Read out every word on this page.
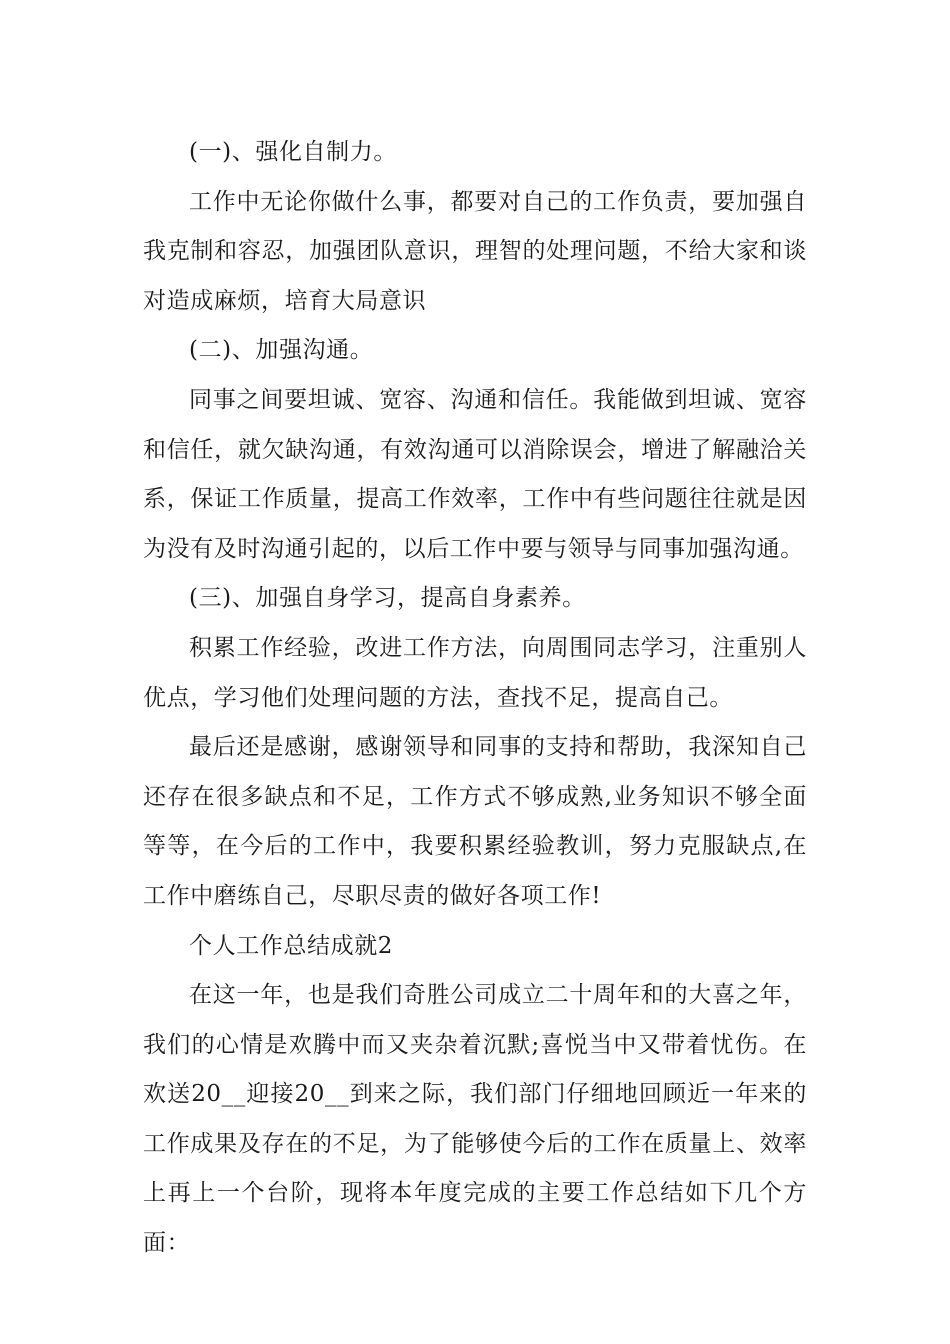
(一)、强化自制力。

工作中无论你做什么事，都要对自己的工作负责，要加强自我克制和容忍，加强团队意识，理智的处理问题，不给大家和谈对造成麻烦，培育大局意识

(二)、加强沟通。

同事之间要坦诚、宽容、沟通和信任。我能做到坦诚、宽容和信任，就欠缺沟通，有效沟通可以消除误会，增进了解融洽关系，保证工作质量，提高工作效率，工作中有些问题往往就是因为没有及时沟通引起的，以后工作中要与领导与同事加强沟通。

(三)、加强自身学习，提高自身素养。

积累工作经验，改进工作方法，向周围同志学习，注重别人优点，学习他们处理问题的方法，查找不足，提高自己。

最后还是感谢，感谢领导和同事的支持和帮助，我深知自己还存在很多缺点和不足，工作方式不够成熟,业务知识不够全面等等，在今后的工作中，我要积累经验教训，努力克服缺点,在工作中磨练自己，尽职尽责的做好各项工作!

个人工作总结成就2

在这一年，也是我们奇胜公司成立二十周年和的大喜之年，我们的心情是欢腾中而又夹杂着沉默;喜悦当中又带着忧伤。在欢送20__迎接20__到来之际，我们部门仔细地回顾近一年来的工作成果及存在的不足，为了能够使今后的工作在质量上、效率上再上一个台阶，现将本年度完成的主要工作总结如下几个方面：
